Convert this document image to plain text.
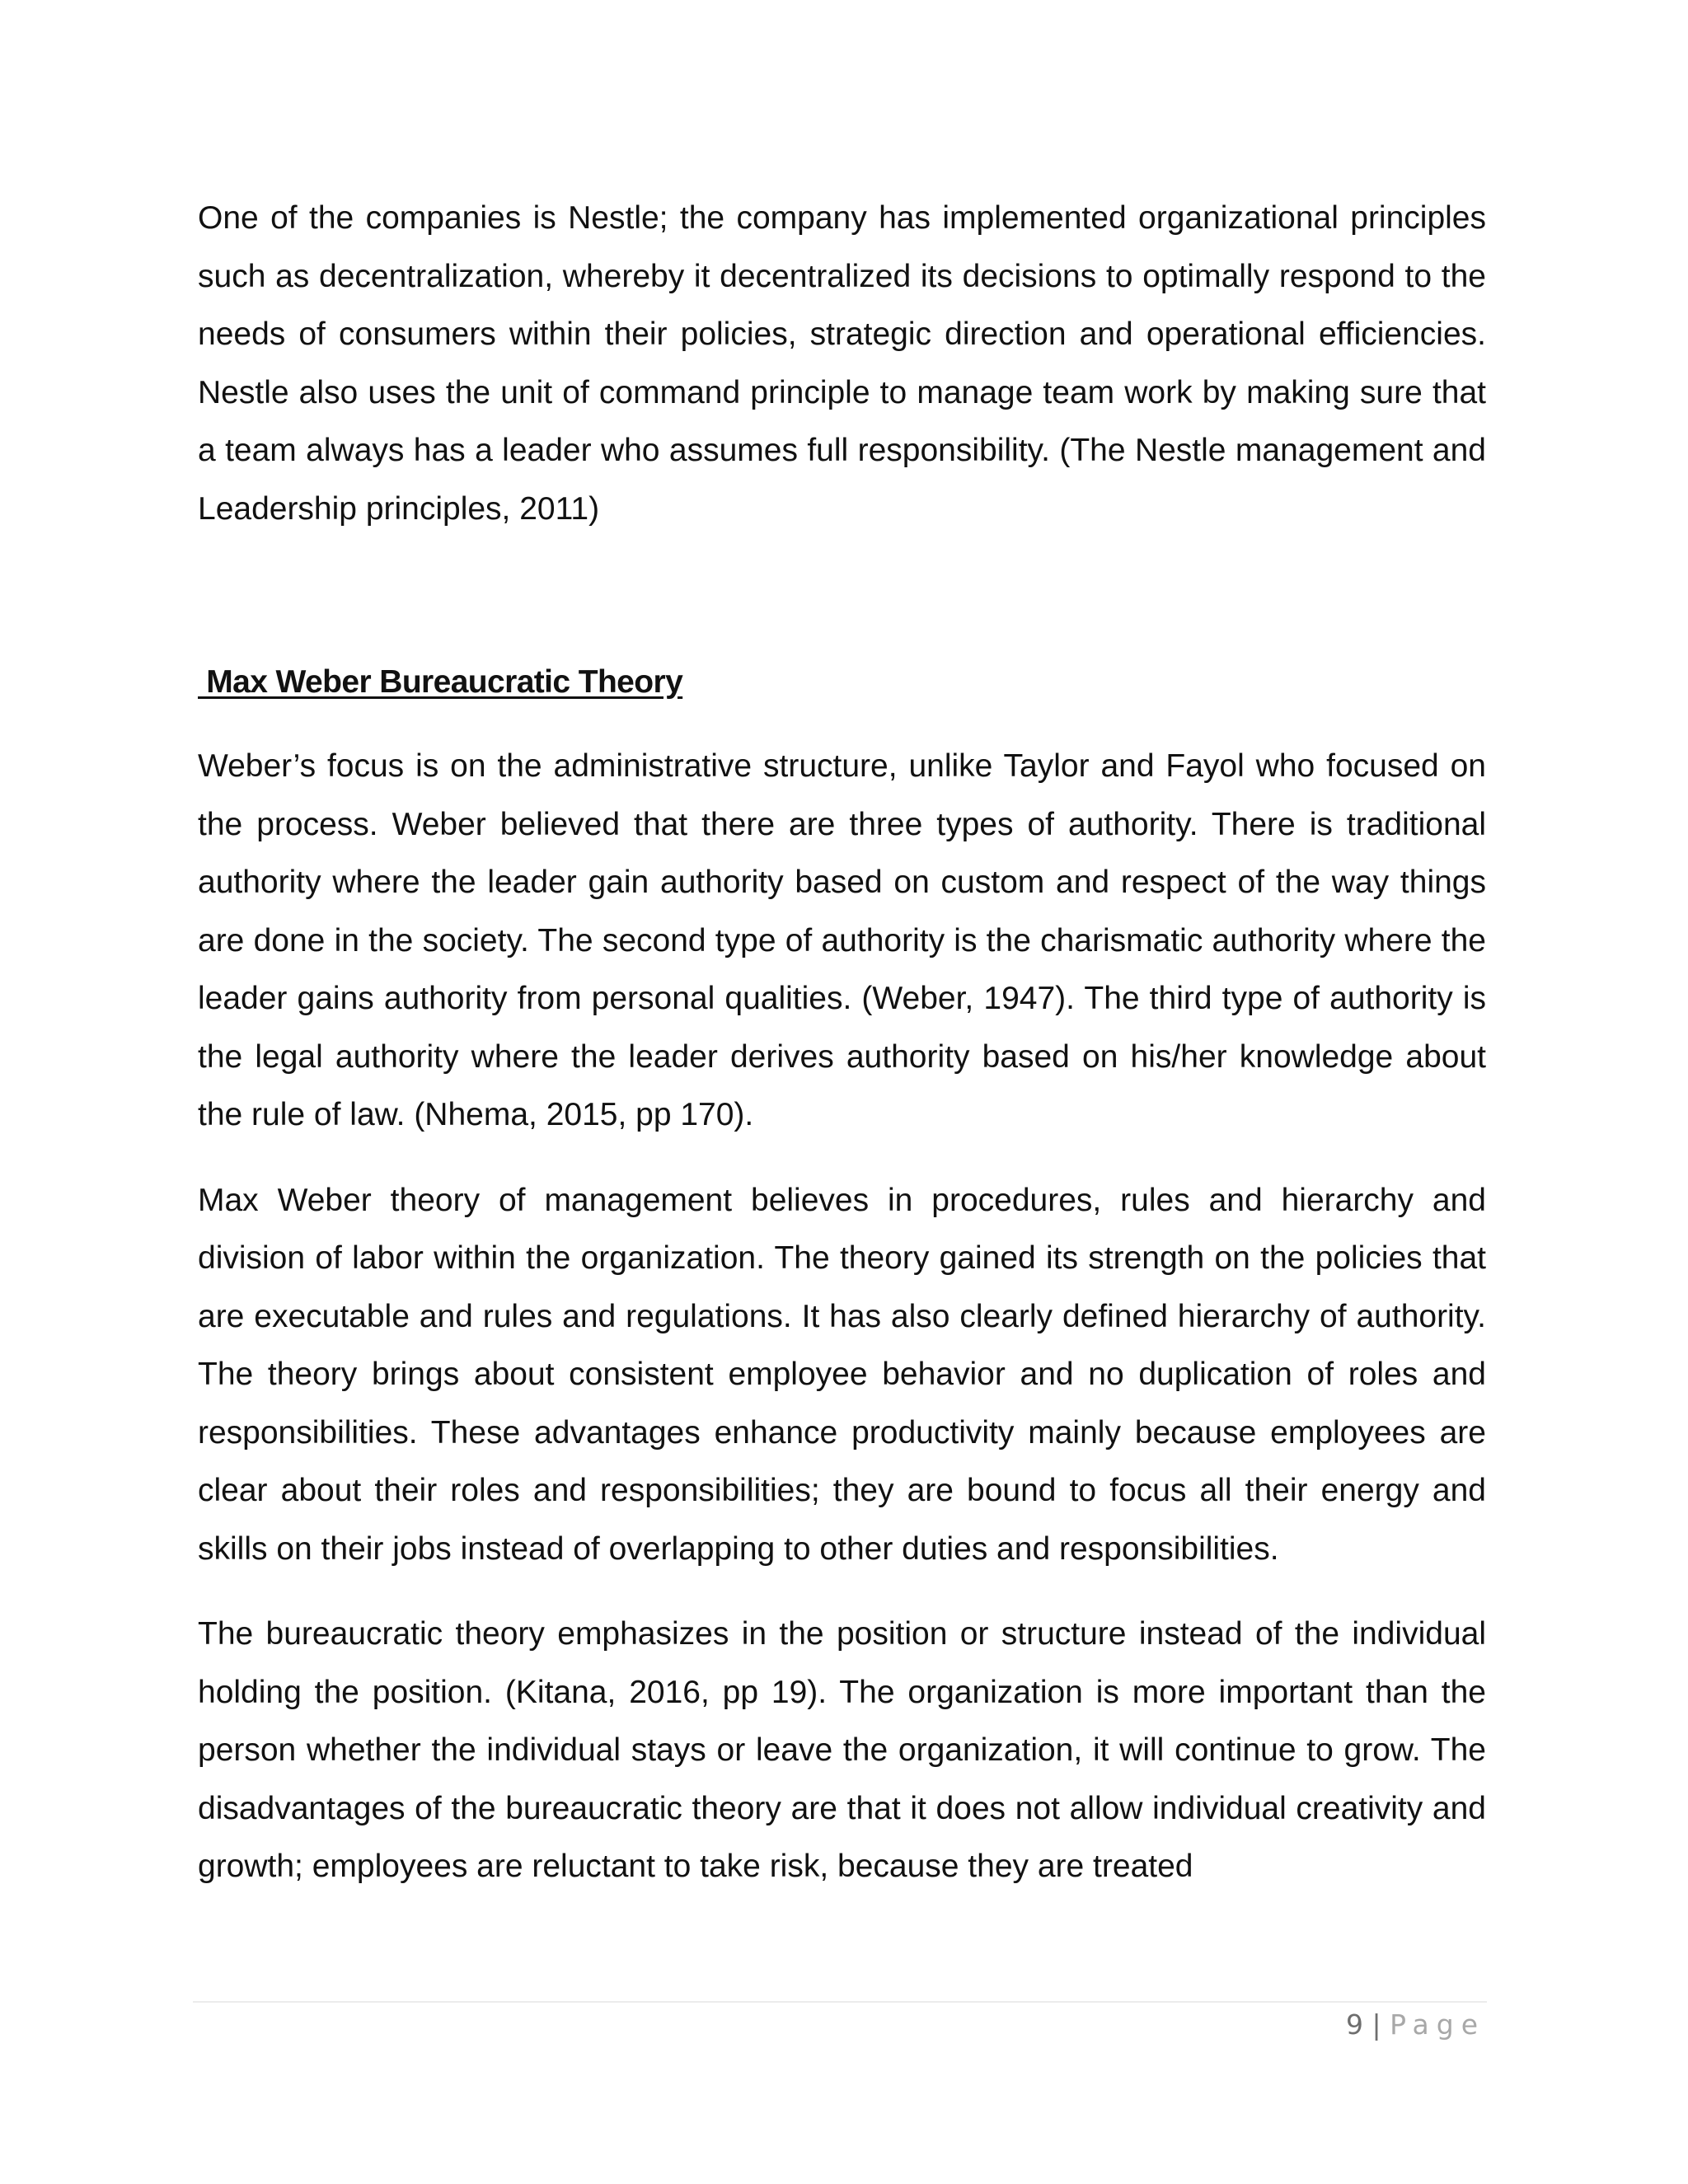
One of the companies is Nestle; the company has implemented organizational principles such as decentralization, whereby it decentralized its decisions to optimally respond to the needs of consumers within their policies, strategic direction and operational efficiencies. Nestle also uses the unit of command principle to manage team work by making sure that a team always has a leader who assumes full responsibility. (The Nestle management and Leadership principles, 2011)

Max Weber Bureaucratic Theory

Weber’s focus is on the administrative structure, unlike Taylor and Fayol who focused on the process. Weber believed that there are three types of authority. There is traditional authority where the leader gain authority based on custom and respect of the way things are done in the society. The second type of authority is the charismatic authority where the leader gains authority from personal qualities. (Weber, 1947). The third type of authority is the legal authority where the leader derives authority based on his/her knowledge about the rule of law. (Nhema, 2015, pp 170).

Max Weber theory of management believes in procedures, rules and hierarchy and division of labor within the organization. The theory gained its strength on the policies that are executable and rules and regulations. It has also clearly defined hierarchy of authority. The theory brings about consistent employee behavior and no duplication of roles and responsibilities. These advantages enhance productivity mainly because employees are clear about their roles and responsibilities; they are bound to focus all their energy and skills on their jobs instead of overlapping to other duties and responsibilities.

The bureaucratic theory emphasizes in the position or structure instead of the individual holding the position. (Kitana, 2016, pp 19). The organization is more important than the person whether the individual stays or leave the organization, it will continue to grow. The disadvantages of the bureaucratic theory are that it does not allow individual creativity and growth; employees are reluctant to take risk, because they are treated

9 | Page
